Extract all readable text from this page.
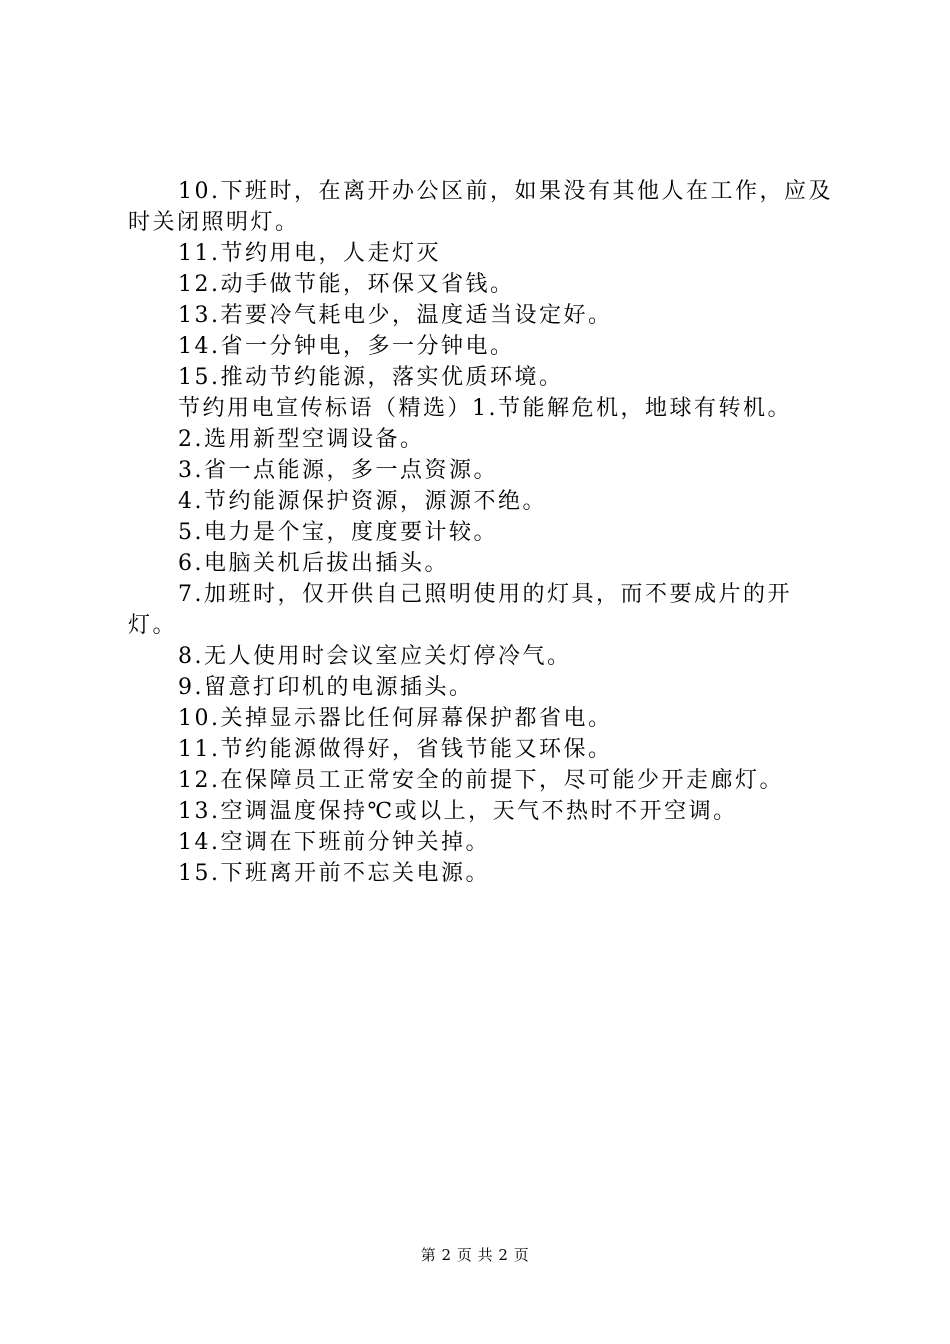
10.下班时，在离开办公区前，如果没有其他人在工作，应及时关闭照明灯。

11.节约用电，人走灯灭

12.动手做节能，环保又省钱。

13.若要冷气耗电少，温度适当设定好。

14.省一分钟电，多一分钟电。

15.推动节约能源，落实优质环境。

节约用电宣传标语（精选）1.节能解危机，地球有转机。

2.选用新型空调设备。

3.省一点能源，多一点资源。

4.节约能源保护资源，源源不绝。

5.电力是个宝，度度要计较。

6.电脑关机后拔出插头。

7.加班时，仅开供自己照明使用的灯具，而不要成片的开灯。

8.无人使用时会议室应关灯停冷气。

9.留意打印机的电源插头。

10.关掉显示器比任何屏幕保护都省电。

11.节约能源做得好，省钱节能又环保。

12.在保障员工正常安全的前提下，尽可能少开走廊灯。

13.空调温度保持℃或以上，天气不热时不开空调。

14.空调在下班前分钟关掉。

15.下班离开前不忘关电源。

第 2 页 共 2 页
